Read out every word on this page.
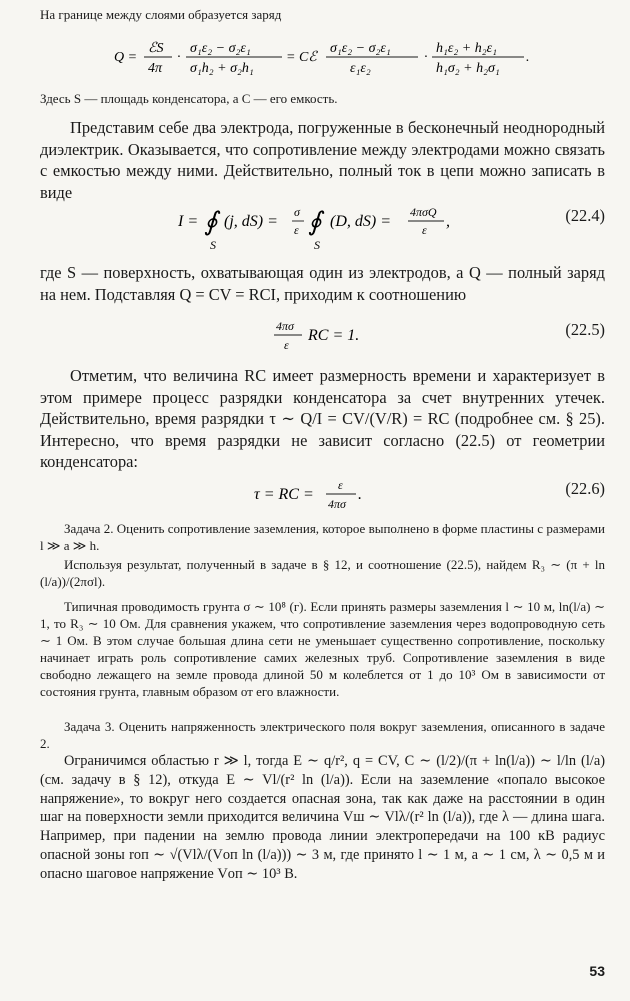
На границе между слоями образуется заряд

Q =
ℰS
4π
·
σ₁ε₂ − σ₂ε₁
σ₁h₂ + σ₂h₁
= Cℰ
σ₁ε₂ − σ₂ε₁
ε₁ε₂
·
h₁ε₂ + h₂ε₁
h₁σ₂ + h₂σ₁
.

Здесь S — площадь конденсатора, а C — его емкость.

Представим себе два электрода, погруженные в бесконечный неоднородный диэлектрик. Оказывается, что сопротивление между электродами можно связать с емкостью между ними. Действительно, полный ток в цепи можно записать в виде

I = ∮
S
(j, dS) =
σ
ε ∮
S
(D, dS) =
4πσQ
ε ,	(22.4)

где S — поверхность, охватывающая один из электродов, а Q — полный заряд на нем. Подставляя Q = CV = RCI, приходим к соотношению

4πσ
ε
RC = 1.	(22.5)

Отметим, что величина RC имеет размерность времени и характеризует в этом примере процесс разрядки конденсатора за счет внутренних утечек. Действительно, время разрядки τ ∼ Q/I = CV/(V/R) = RC (подробнее см. § 25). Интересно, что время разрядки не зависит согласно (22.5) от геометрии конденсатора:

τ = RC =
ε
4πσ
.	(22.6)

Задача 2. Оценить сопротивление заземления, которое выполнено в форме пластины с размерами l ≫ a ≫ h.

Используя результат, полученный в задаче в § 12, и соотношение (22.5), найдем R₃ ∼ (π + ln (l/a))/(2πσl).

Типичная проводимость грунта σ ∼ 10⁸ (г). Если принять размеры заземления l ∼ 10 м, ln(l/a) ∼ 1, то R₃ ∼ 10 Ом. Для сравнения укажем, что сопротивление заземления через водопроводную сеть ∼ 1 Ом. В этом случае большая длина сети не уменьшает существенно сопротивление, поскольку начинает играть роль сопротивление самих железных труб. Сопротивление заземления в виде свободно лежащего на земле провода длиной 50 м колеблется от 1 до 10³ Ом в зависимости от состояния грунта, главным образом от его влажности.

Задача 3. Оценить напряженность электрического поля вокруг заземления, описанного в задаче 2.

Ограничимся областью r ≫ l, тогда E ∼ q/r², q = CV, C ∼ (l/2)/(π + ln(l/a)) ∼ l/ln (l/a) (см. задачу в § 12), откуда E ∼ Vl/(r² ln (l/a)). Если на заземление «попало высокое напряжение», то вокруг него создается опасная зона, так как даже на расстоянии в один шаг на поверхности земли приходится величина Vш ∼ Vlλ/(r² ln (l/a)), где λ — длина шага. Например, при падении на землю провода линии электропередачи на 100 кВ радиус опасной зоны rоп ∼ √(Vlλ/(Vоп ln (l/a))) ∼ 3 м, где принято l ∼ 1 м, a ∼ 1 см, λ ∼ 0,5 м и опасно шаговое напряжение Vоп ∼ 10³ В.

53
